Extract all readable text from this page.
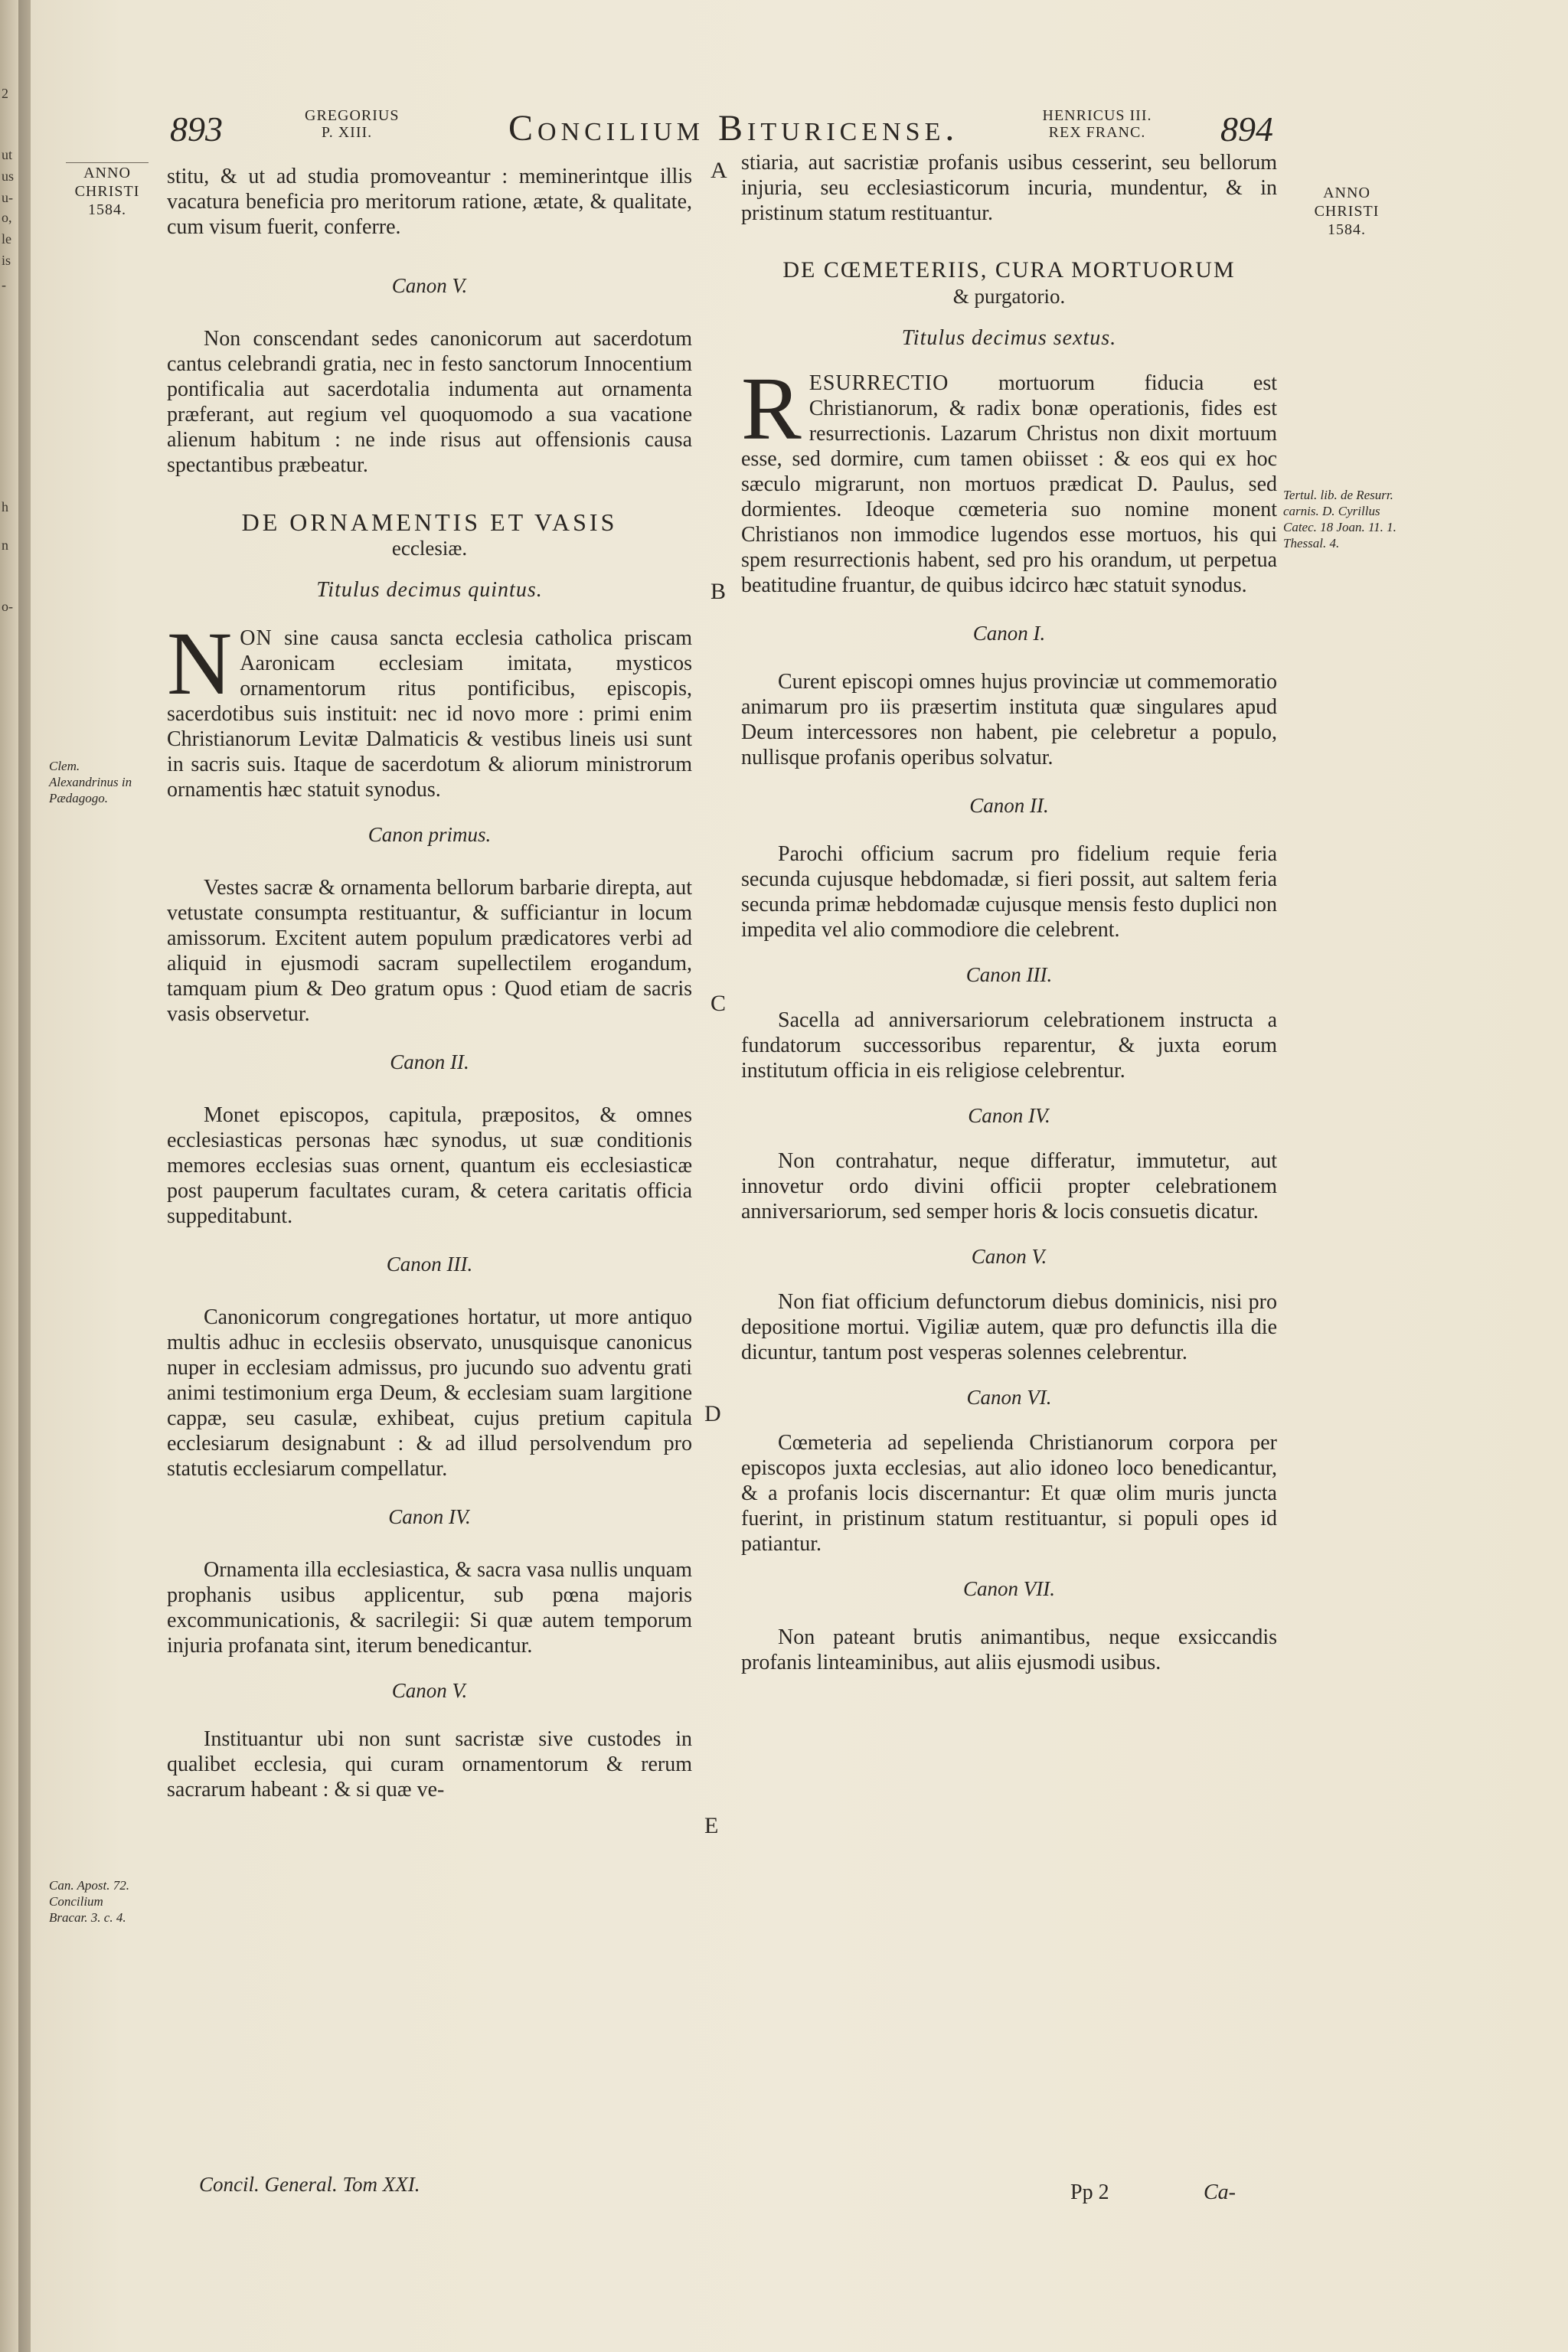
2
ut
us
u-
o,
le
is
-
h
n
o-
893	GREGORIUS
P. XIII.	Concilium Bituricense.	HENRICUS III.
REX FRANC.	894
ANNO
CHRISTI
1584.
ANNO
CHRISTI
1584.
A
B
C
D
E
Clem. Alexandrinus in Pædagogo.
Can. Apost. 72. Concilium Bracar. 3. c. 4.
Tertul. lib. de Resurr. carnis. D. Cyrillus Catec. 18 Joan. 11. 1. Thessal. 4.

stitu, & ut ad studia promoveantur : meminerintque illis vacatura beneficia pro meritorum ratione, ætate, & qualitate, cum visum fuerit, conferre.

Canon V.

Non conscendant sedes canonicorum aut sacerdotum cantus celebrandi gratia, nec in festo sanctorum Innocentium pontificalia aut sacerdotalia indumenta aut ornamenta præferant, aut regium vel quoquomodo a sua vacatione alienum habitum : ne inde risus aut offensionis causa spectantibus præbeatur.

DE ORNAMENTIS ET VASIS

ecclesiæ.

Titulus decimus quintus.

NON sine causa sancta ecclesia catholica priscam Aaronicam ecclesiam imitata, mysticos ornamentorum ritus pontificibus, episcopis, sacerdotibus suis instituit: nec id novo more : primi enim Christianorum Levitæ Dalmaticis & vestibus lineis usi sunt in sacris suis. Itaque de sacerdotum & aliorum ministrorum ornamentis hæc statuit synodus.

Canon primus.

Vestes sacræ & ornamenta bellorum barbarie direpta, aut vetustate consumpta restituantur, & sufficiantur in locum amissorum. Excitent autem populum prædicatores verbi ad aliquid in ejusmodi sacram supellectilem erogandum, tamquam pium & Deo gratum opus : Quod etiam de sacris vasis observetur.

Canon II.

Monet episcopos, capitula, præpositos, & omnes ecclesiasticas personas hæc synodus, ut suæ conditionis memores ecclesias suas ornent, quantum eis ecclesiasticæ post pauperum facultates curam, & cetera caritatis officia suppeditabunt.

Canon III.

Canonicorum congregationes hortatur, ut more antiquo multis adhuc in ecclesiis observato, unusquisque canonicus nuper in ecclesiam admissus, pro jucundo suo adventu grati animi testimonium erga Deum, & ecclesiam suam largitione cappæ, seu casulæ, exhibeat, cujus pretium capitula ecclesiarum designabunt : & ad illud persolvendum pro statutis ecclesiarum compellatur.

Canon IV.

Ornamenta illa ecclesiastica, & sacra vasa nullis unquam prophanis usibus applicentur, sub pœna majoris excommunicationis, & sacrilegii: Si quæ autem temporum injuria profanata sint, iterum benedicantur.

Canon V.

Instituantur ubi non sunt sacristæ sive custodes in qualibet ecclesia, qui curam ornamentorum & rerum sacrarum habeant : & si quæ ve-

stiaria, aut sacristiæ profanis usibus cesserint, seu bellorum injuria, seu ecclesiasticorum incuria, mundentur, & in pristinum statum restituantur.

DE CŒMETERIIS, CURA MORTUORUM

& purgatorio.

Titulus decimus sextus.

RESURRECTIO mortuorum fiducia est Christianorum, & radix bonæ operationis, fides est resurrectionis. Lazarum Christus non dixit mortuum esse, sed dormire, cum tamen obiisset : & eos qui ex hoc sæculo migrarunt, non mortuos prædicat D. Paulus, sed dormientes. Ideoque cœmeteria suo nomine monent Christianos non immodice lugendos esse mortuos, his qui spem resurrectionis habent, sed pro his orandum, ut perpetua beatitudine fruantur, de quibus idcirco hæc statuit synodus.

Canon I.

Curent episcopi omnes hujus provinciæ ut commemoratio animarum pro iis præsertim instituta quæ singulares apud Deum intercessores non habent, pie celebretur a populo, nullisque profanis operibus solvatur.

Canon II.

Parochi officium sacrum pro fidelium requie feria secunda cujusque hebdomadæ, si fieri possit, aut saltem feria secunda primæ hebdomadæ cujusque mensis festo duplici non impedita vel alio commodiore die celebrent.

Canon III.

Sacella ad anniversariorum celebrationem instructa a fundatorum successoribus reparentur, & juxta eorum institutum officia in eis religiose celebrentur.

Canon IV.

Non contrahatur, neque differatur, immutetur, aut innovetur ordo divini officii propter celebrationem anniversariorum, sed semper horis & locis consuetis dicatur.

Canon V.

Non fiat officium defunctorum diebus dominicis, nisi pro depositione mortui. Vigiliæ autem, quæ pro defunctis illa die dicuntur, tantum post vesperas solennes celebrentur.

Canon VI.

Cœmeteria ad sepelienda Christianorum corpora per episcopos juxta ecclesias, aut alio idoneo loco benedicantur, & a profanis locis discernantur: Et quæ olim muris juncta fuerint, in pristinum statum restituantur, si populi opes id patiantur.

Canon VII.

Non pateant brutis animantibus, neque exsiccandis profanis linteaminibus, aut aliis ejusmodi usibus.

Concil. General. Tom XXI.	Pp 2	Ca-
